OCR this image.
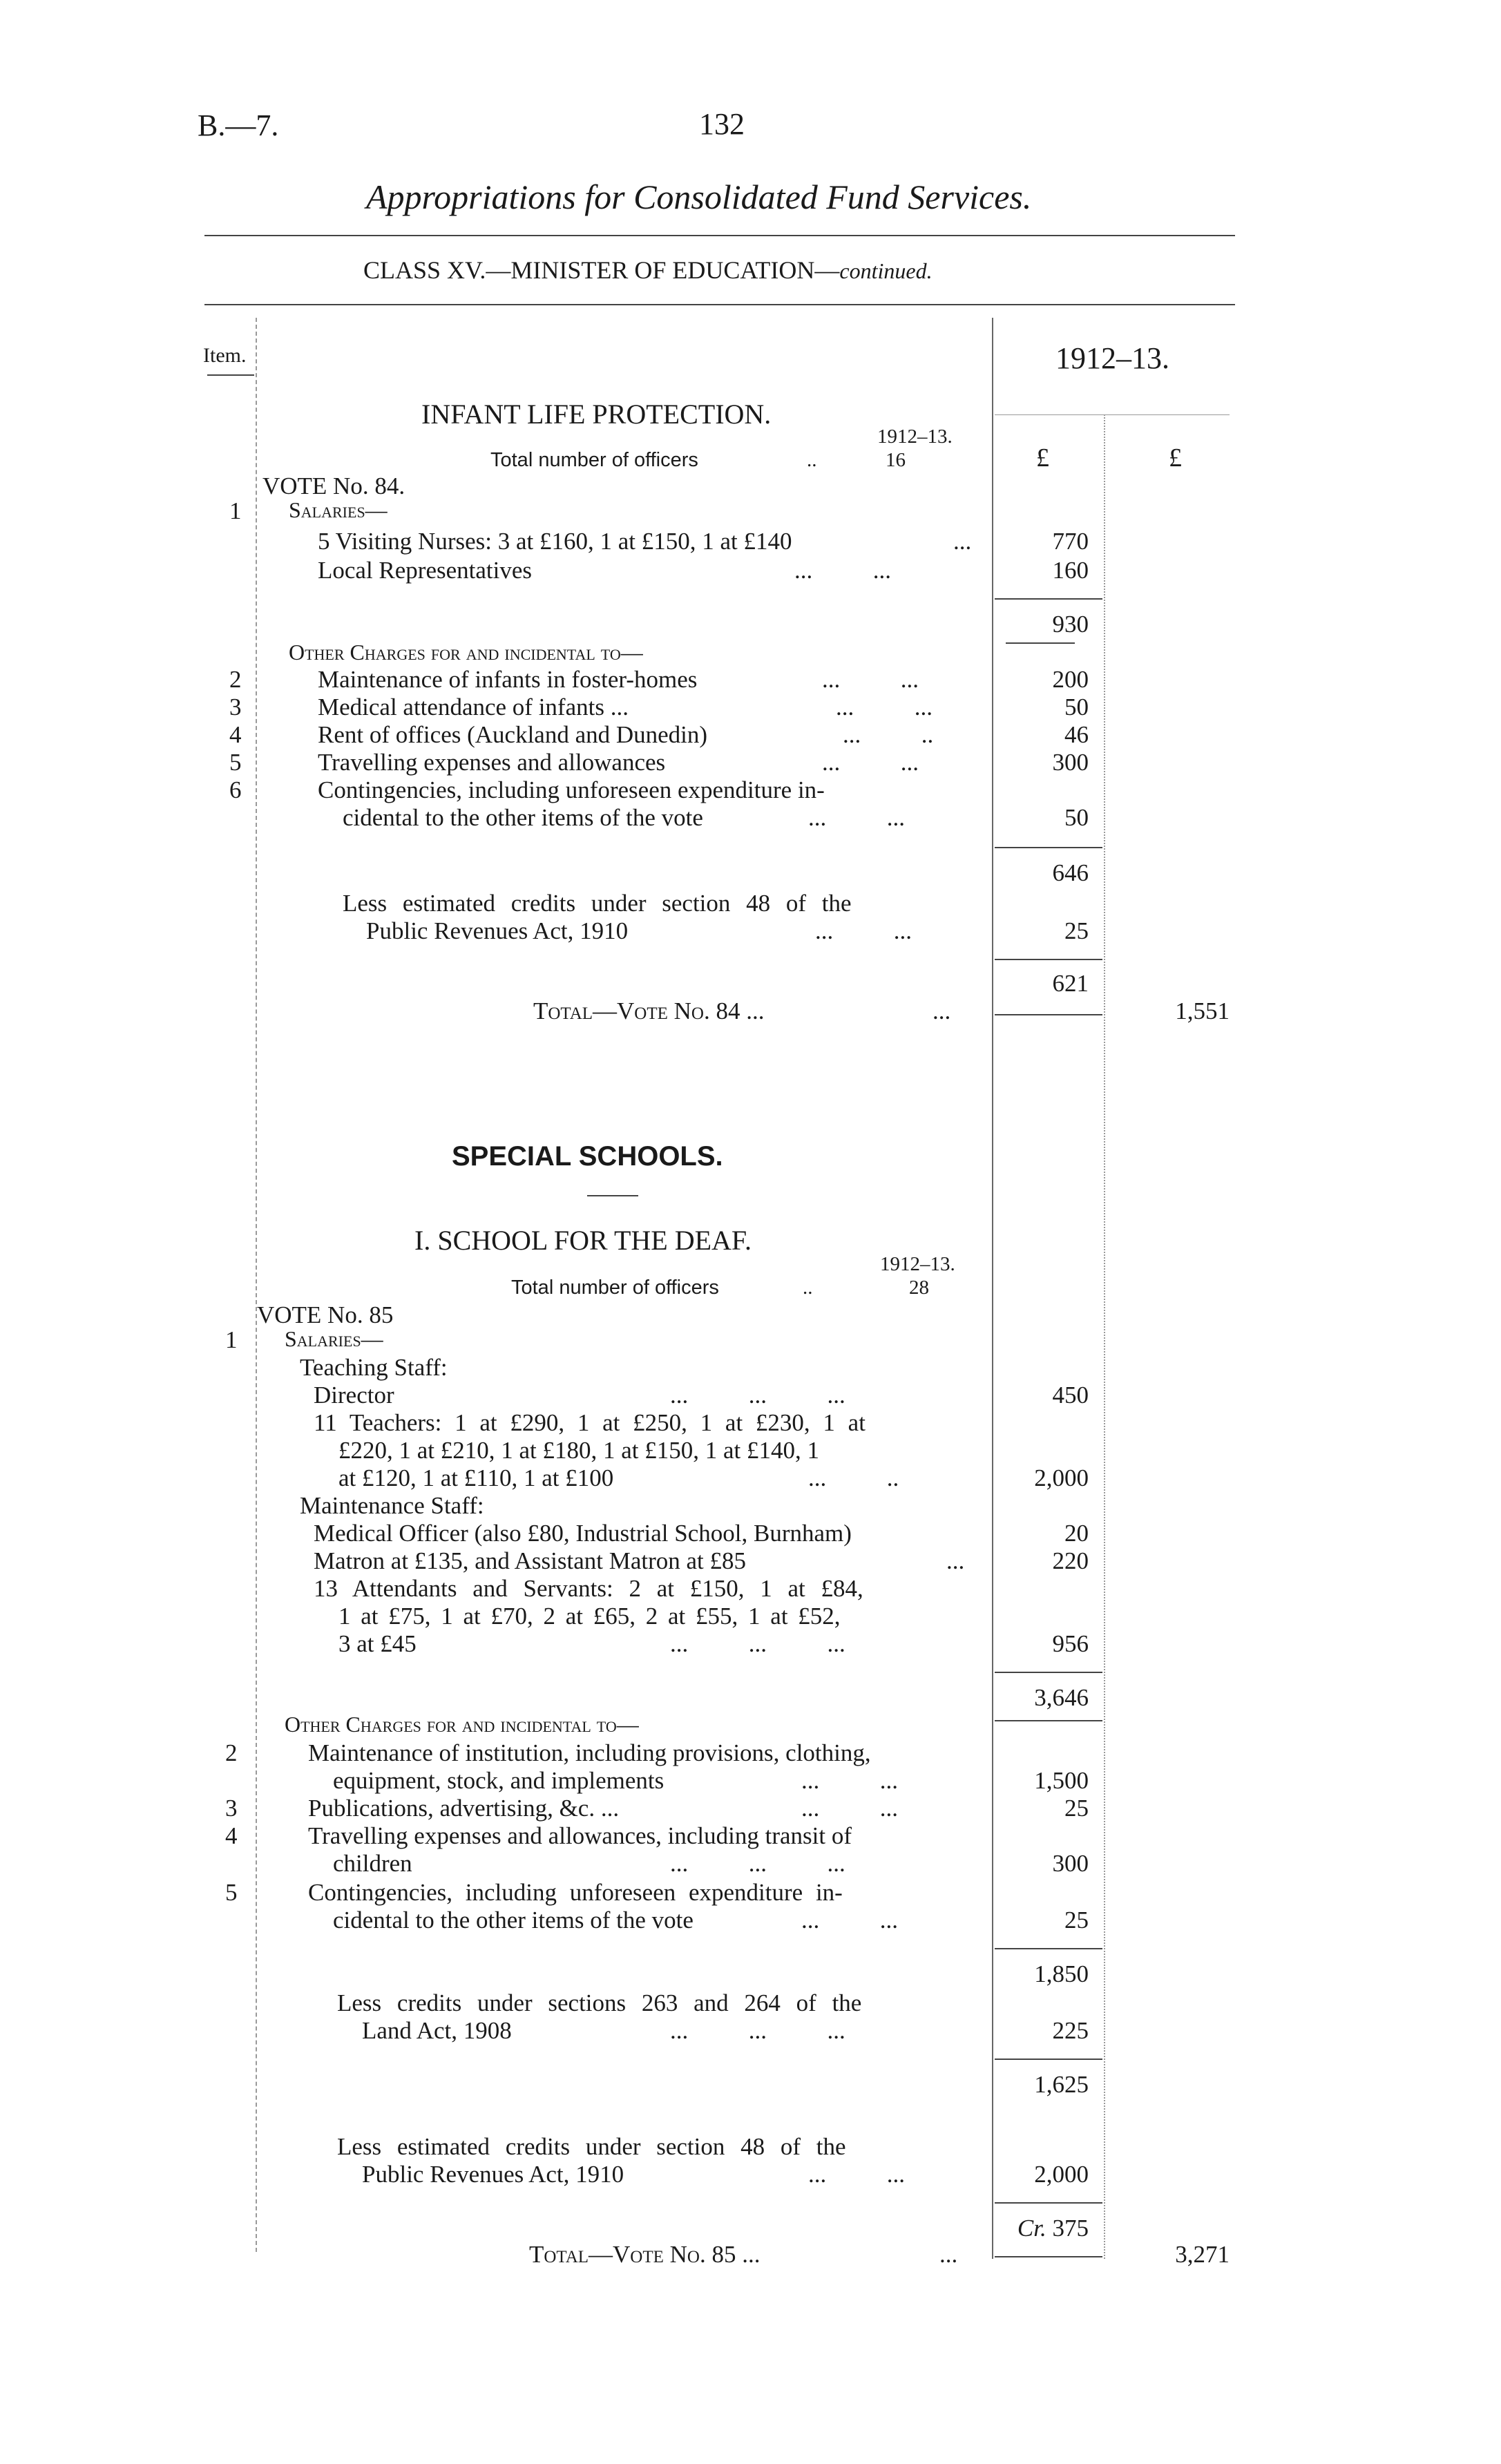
B.—7.	132
Appropriations for Consolidated Fund Services.
CLASS XV.—MINISTER OF EDUCATION—continued.
Item.	1912–13.
£	£
INFANT LIFE PROTECTION.
1912–13.
Total number of officers	..	16
VOTE No. 84.
1 Salaries—
5 Visiting Nurses: 3 at £160, 1 at £150, 1 at £140	...	770
Local Representatives	...          ...	160
930
Other Charges for and incidental to—
2	Maintenance of infants in foster-homes	...          ...	200
3	Medical attendance of infants ...	...          ...	50
4	Rent of offices (Auckland and Dunedin)	...          ..	46
5	Travelling expenses and allowances	...          ...	300
6	Contingencies, including unforeseen expenditure in-
cidental to the other items of the vote	...          ...	50
646
Less estimated credits under section 48 of the
Public Revenues Act, 1910	...          ...	25
621
Total—Vote No. 84 ...	...	1,551
SPECIAL SCHOOLS.
I. SCHOOL FOR THE DEAF.
1912–13.
Total number of officers	..	28
VOTE No. 85
1 Salaries—
Teaching Staff:
Director	...          ...          ...	450
11 Teachers: 1 at £290, 1 at £250, 1 at £230, 1 at
£220, 1 at £210, 1 at £180, 1 at £150, 1 at £140, 1
at £120, 1 at £110, 1 at £100	...          ..	2,000
Maintenance Staff:
Medical Officer (also £80, Industrial School, Burnham)	20
Matron at £135, and Assistant Matron at £85	...	220
13 Attendants and Servants: 2 at £150, 1 at £84,
1 at £75, 1 at £70, 2 at £65, 2 at £55, 1 at £52,
3 at £45	...          ...          ...	956
3,646
Other Charges for and incidental to—
2	Maintenance of institution, including provisions, clothing,
equipment, stock, and implements	...          ...	1,500
3	Publications, advertising, &c. ...	...          ...	25
4	Travelling expenses and allowances, including transit of
children	...          ...          ...	300
5	Contingencies, including unforeseen expenditure in-
cidental to the other items of the vote	...          ...	25
1,850
Less credits under sections 263 and 264 of the
Land Act, 1908	...          ...          ...	225
1,625
Less estimated credits under section 48 of the
Public Revenues Act, 1910	...          ...	2,000
Cr. 375
Total—Vote No. 85 ...	...	3,271
